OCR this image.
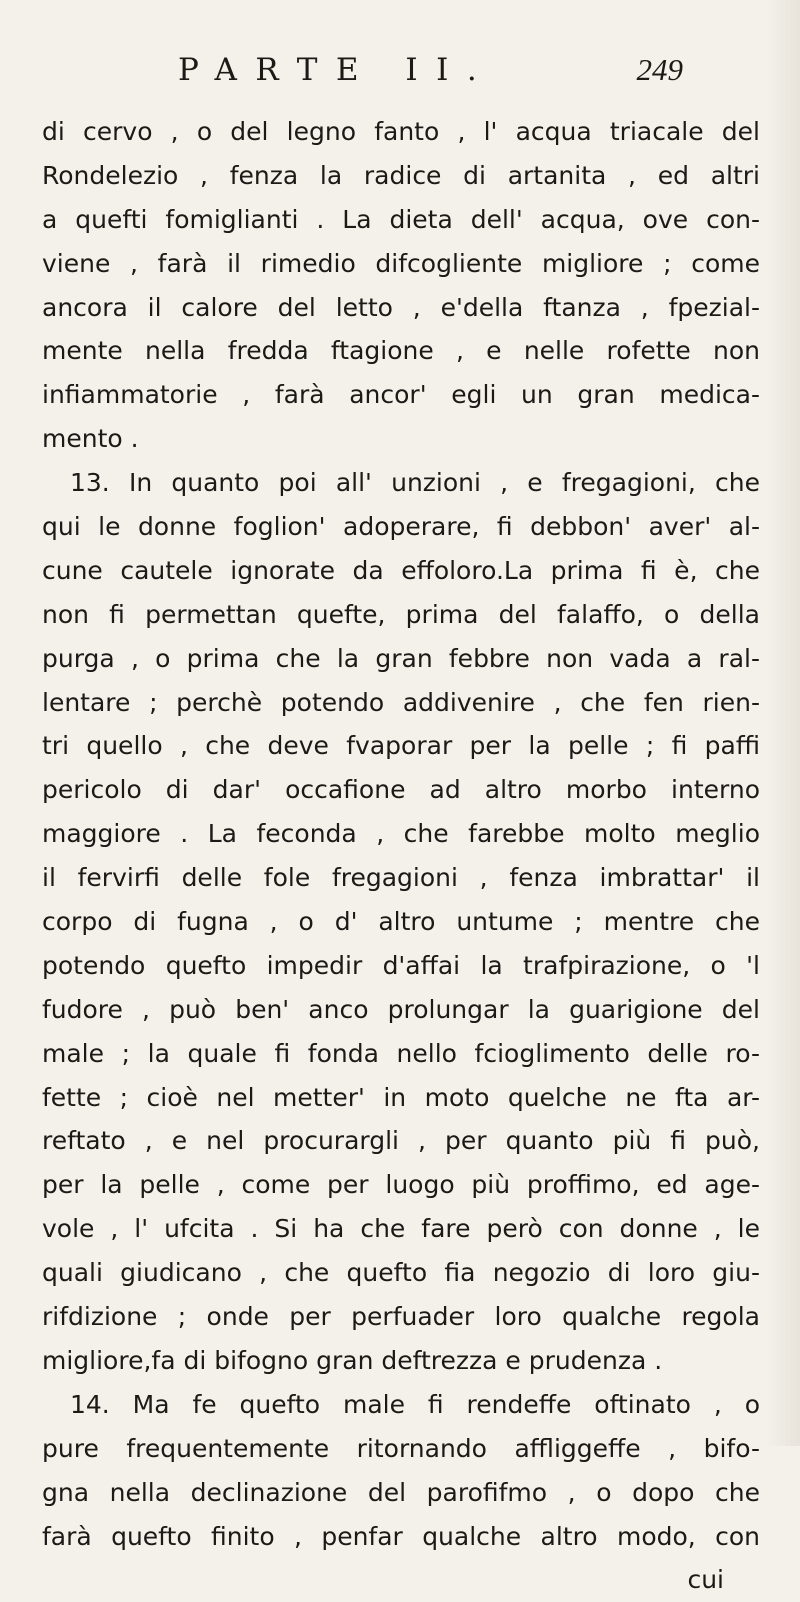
PARTE II.	249
di cervo , o del legno fanto , l' acqua triacale del
Rondelezio , fenza la radice di artanita , ed altri
a quefti fomiglianti . La dieta dell' acqua, ove con-
viene , farà il rimedio difcogliente migliore ; come
ancora il calore del letto , e'della ftanza , fpezial-
mente nella fredda ftagione , e nelle rofette non
infiammatorie , farà ancor' egli un gran medica-
mento .
13. In quanto poi all' unzioni , e fregagioni, che
qui le donne foglion' adoperare, fi debbon' aver' al-
cune cautele ignorate da effoloro.La prima fi è, che
non fi permettan quefte, prima del falaffo, o della
purga , o prima che la gran febbre non vada a ral-
lentare ; perchè potendo addivenire , che fen rien-
tri quello , che deve fvaporar per la pelle ; fi paffi
pericolo di dar' occafione ad altro morbo interno
maggiore . La feconda , che farebbe molto meglio
il fervirfi delle fole fregagioni , fenza imbrattar' il
corpo di fugna , o d' altro untume ; mentre che
potendo quefto impedir d'affai la trafpirazione, o 'l
fudore , può ben' anco prolungar la guarigione del
male ; la quale fi fonda nello fcioglimento delle ro-
fette ; cioè nel metter' in moto quelche ne fta ar-
reftato , e nel procurargli , per quanto più fi può,
per la pelle , come per luogo più proffimo, ed age-
vole , l' ufcita . Si ha che fare però con donne , le
quali giudicano , che quefto fia negozio di loro giu-
rifdizione ; onde per perfuader loro qualche regola
migliore,fa di bifogno gran deftrezza e prudenza .
14. Ma fe quefto male fi rendeffe oftinato , o
pure frequentemente ritornando affliggeffe , bifo-
gna nella declinazione del parofifmo , o dopo che
farà quefto finito , penfar qualche altro modo, con
cui
